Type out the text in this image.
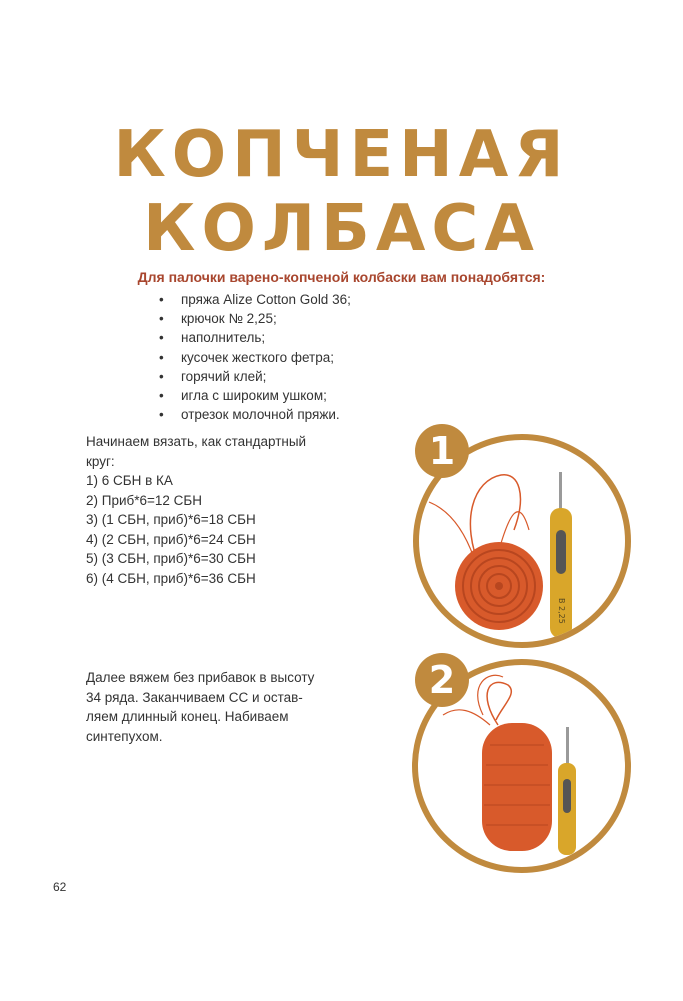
КОПЧЕНАЯ
КОЛБАСА
Для палочки варено-копченой колбаски вам понадобятся:
• пряжа Alize Cotton Gold 36;
• крючок № 2,25;
• наполнитель;
• кусочек жесткого фетра;
• горячий клей;
• игла с широким ушком;
• отрезок молочной пряжи.
Начинаем вязать, как стандартный
круг:
1) 6 СБН в КА
2) Приб*6=12 СБН
3) (1 СБН, приб)*6=18 СБН
4) (2 СБН, приб)*6=24 СБН
5) (3 СБН, приб)*6=30 СБН
6) (4 СБН, приб)*6=36 СБН
Далее вяжем без прибавок в высоту
34 ряда. Заканчиваем СС и остав-
ляем длинный конец. Набиваем
синтепухом.
B 2,25
1
2
62
